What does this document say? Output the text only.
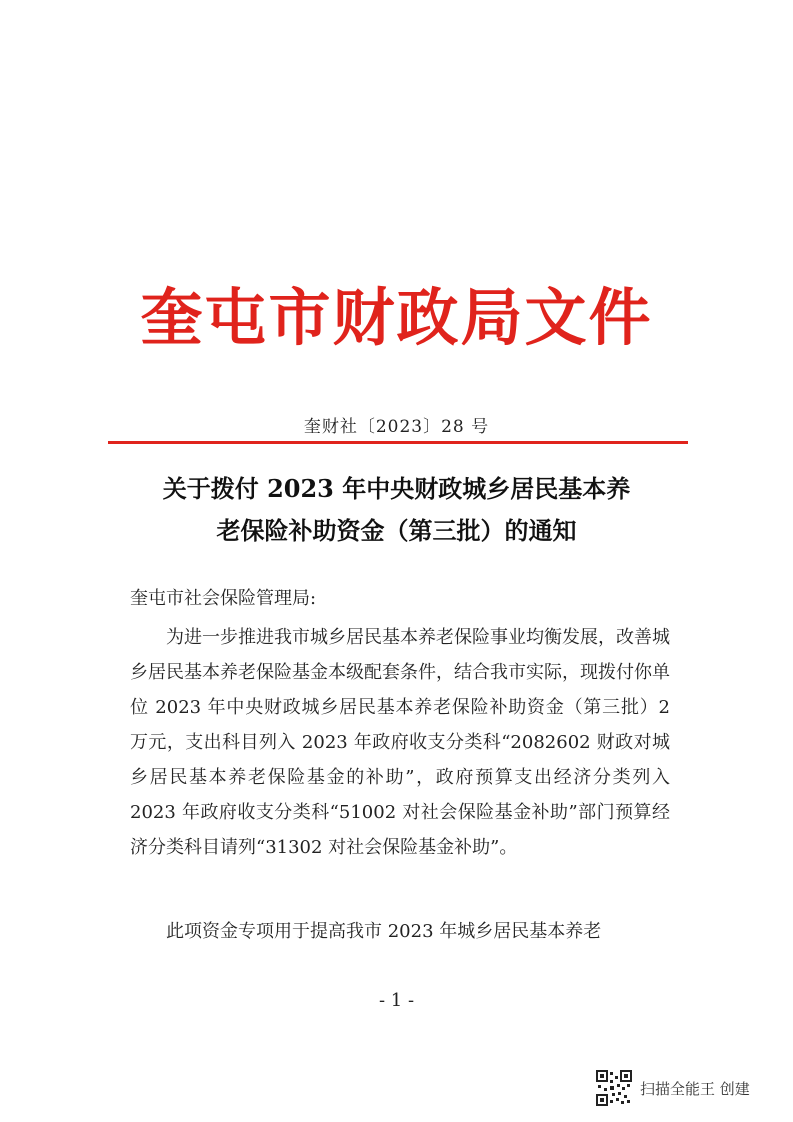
奎屯市财政局文件
奎财社〔2023〕28 号
关于拨付 2023 年中央财政城乡居民基本养
老保险补助资金（第三批）的通知
奎屯市社会保险管理局:
为进一步推进我市城乡居民基本养老保险事业均衡发展，改善城乡居民基本养老保险基金本级配套条件，结合我市实际，现拨付你单位 2023 年中央财政城乡居民基本养老保险补助资金（第三批）2 万元，支出科目列入 2023 年政府收支分类科“2082602 财政对城乡居民基本养老保险基金的补助”，政府预算支出经济分类列入 2023 年政府收支分类科“51002 对社会保险基金补助”部门预算经济分类科目请列“31302 对社会保险基金补助”。
此项资金专项用于提高我市 2023 年城乡居民基本养老
- 1 -
扫描全能王 创建
